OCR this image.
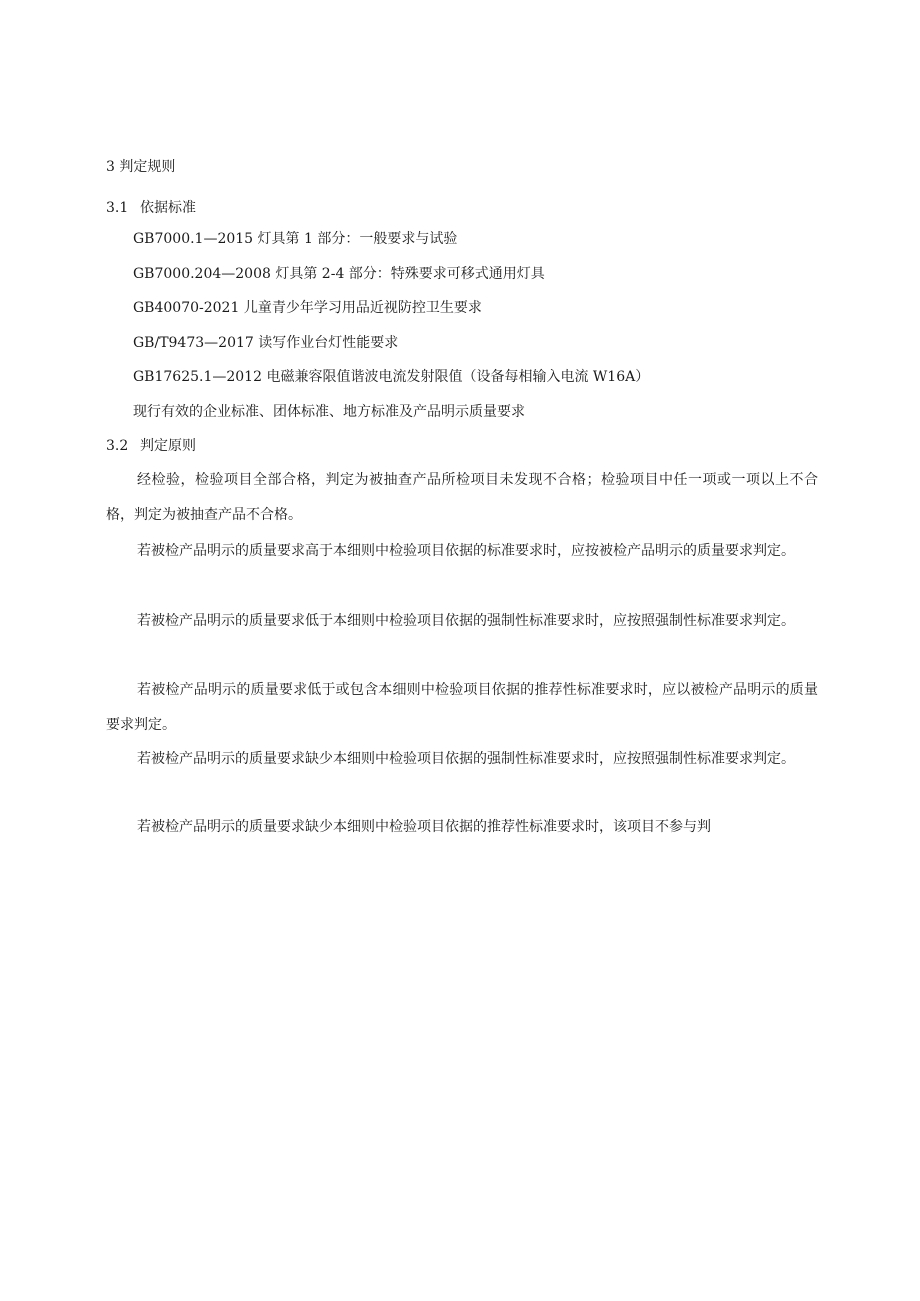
3 判定规则
3.1 依据标准
GB7000.1—2015 灯具第 1 部分：一般要求与试验
GB7000.204—2008 灯具第 2-4 部分：特殊要求可移式通用灯具
GB40070-2021 儿童青少年学习用品近视防控卫生要求
GB/T9473—2017 读写作业台灯性能要求
GB17625.1—2012 电磁兼容限值谐波电流发射限值（设备每相输入电流 W16A）
现行有效的企业标准、团体标准、地方标准及产品明示质量要求
3.2 判定原则

经检验，检验项目全部合格，判定为被抽查产品所检项目未发现不合格；检验项目中任一项或一项以上不合格，判定为被抽查产品不合格。

若被检产品明示的质量要求高于本细则中检验项目依据的标准要求时，应按被检产品明示的质量要求判定。

若被检产品明示的质量要求低于本细则中检验项目依据的强制性标准要求时，应按照强制性标准要求判定。

若被检产品明示的质量要求低于或包含本细则中检验项目依据的推荐性标准要求时，应以被检产品明示的质量要求判定。

若被检产品明示的质量要求缺少本细则中检验项目依据的强制性标准要求时，应按照强制性标准要求判定。

若被检产品明示的质量要求缺少本细则中检验项目依据的推荐性标准要求时，该项目不参与判
